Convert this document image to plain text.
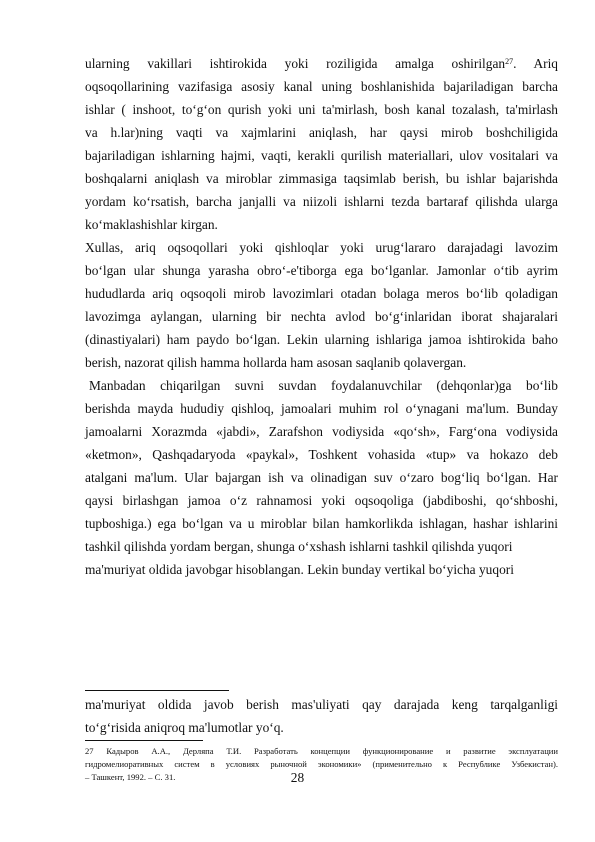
ularning vakillari ishtirokida yoki roziligida amalga oshirilgan$^{27}$. Ariq
oqsoqollarining vazifasiga asosiy kanal uning boshlanishida bajariladigan barcha
ishlar ( inshoot, to‘g‘on qurish yoki uni ta'mirlash, bosh kanal tozalash, ta'mirlash
va h.lar)ning vaqti va xajmlarini aniqlash, har qaysi mirob boshchiligida
bajariladigan ishlarning hajmi, vaqti, kerakli qurilish materiallari, ulov vositalari va
boshqalarni aniqlash va miroblar zimmasiga taqsimlab berish, bu ishlar bajarishda
yordam ko‘rsatish, barcha janjalli va niizoli ishlarni tezda bartaraf qilishda ularga
ko‘maklashishlar kirgan.
Xullas, ariq oqsoqollari yoki qishloqlar yoki urug‘lararo darajadagi lavozim
bo‘lgan ular shunga yarasha obro‘-e'tiborga ega bo‘lganlar. Jamonlar o‘tib ayrim
hududlarda ariq oqsoqoli mirob lavozimlari otadan bolaga meros bo‘lib qoladigan
lavozimga aylangan, ularning bir nechta avlod bo‘g‘inlaridan iborat shajaralari
(dinastiyalari) ham paydo bo‘lgan. Lekin ularning ishlariga jamoa ishtirokida baho
berish, nazorat qilish hamma hollarda ham asosan saqlanib qolavergan.
Manbadan chiqarilgan suvni suvdan foydalanuvchilar (dehqonlar)ga bo‘lib
berishda mayda hududiy qishloq, jamoalari muhim rol o‘ynagani ma'lum. Bunday
jamoalarni Xorazmda «jabdi», Zarafshon vodiysida «qo‘sh», Farg‘ona vodiysida
«ketmon», Qashqadaryoda «paykal», Toshkent vohasida «tup» va hokazo deb
atalgani ma'lum. Ular bajargan ish va olinadigan suv o‘zaro bog‘liq bo‘lgan. Har
qaysi birlashgan jamoa o‘z rahnamosi yoki oqsoqoliga (jabdiboshi, qo‘shboshi,
tupboshiga.) ega bo‘lgan va u miroblar bilan hamkorlikda ishlagan, hashar ishlarini
tashkil qilishda yordam bergan, shunga o‘xshash ishlarni tashkil qilishda yuqori
ma'muriyat oldida javobgar hisoblangan. Lekin bunday vertikal bo‘yicha yuqori
ma'muriyat oldida javob berish mas'uliyati qay darajada keng tarqalganligi
to‘g‘risida aniqroq ma'lumotlar yo‘q.
27 Кадыров А.А., Дерляпа Т.И. Разработать концепции функционирование и развитие эксплуатации
гидромелиоративных систем в условиях рыночной экономики» (применительно к Республике Узбекистан).
– Ташкент, 1992. – С. 31.	28
